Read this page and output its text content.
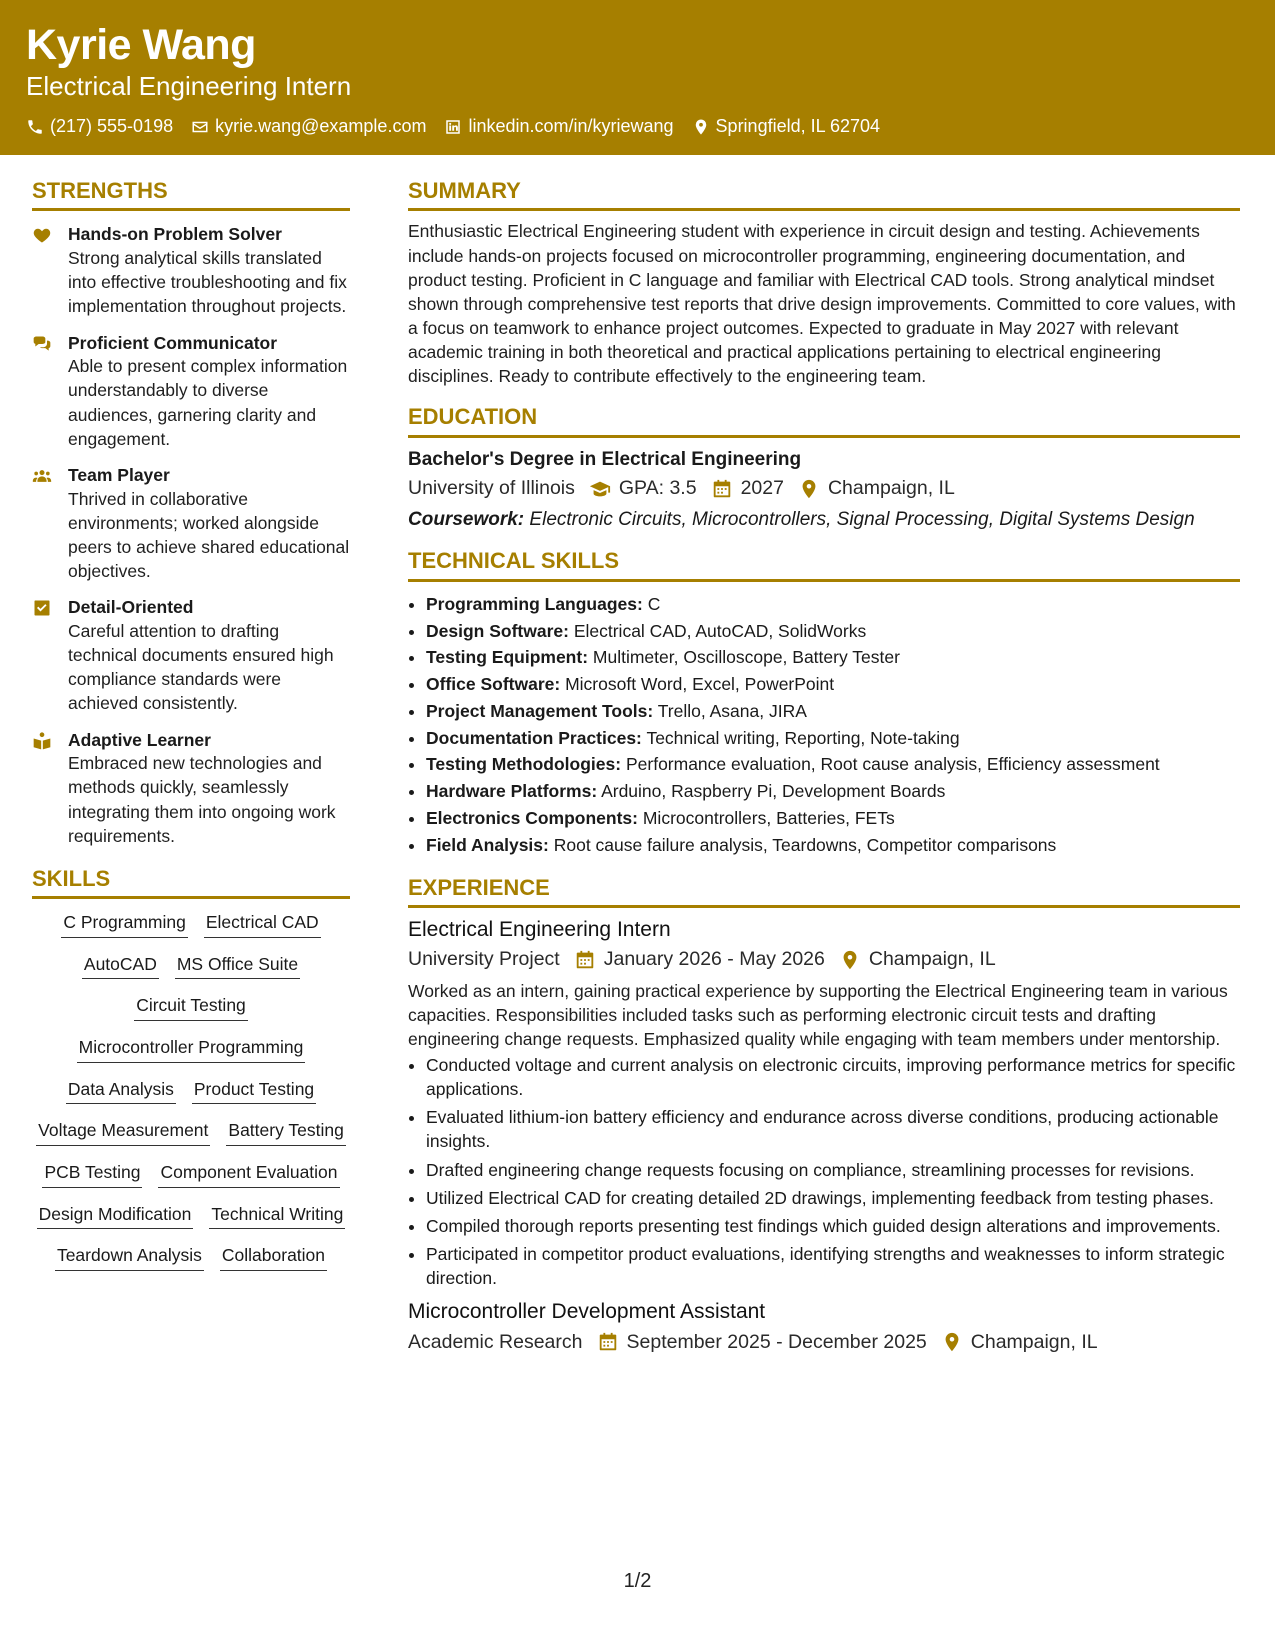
Kyrie Wang
Electrical Engineering Intern
(217) 555-0198 kyrie.wang@example.com linkedin.com/in/kyriewang Springfield, IL 62704
STRENGTHS
Hands-on Problem Solver
Strong analytical skills translated into effective troubleshooting and fix implementation throughout projects.
Proficient Communicator
Able to present complex information understandably to diverse audiences, garnering clarity and engagement.
Team Player
Thrived in collaborative environments; worked alongside peers to achieve shared educational objectives.
Detail-Oriented
Careful attention to drafting technical documents ensured high compliance standards were achieved consistently.
Adaptive Learner
Embraced new technologies and methods quickly, seamlessly integrating them into ongoing work requirements.
SKILLS
C Programming Electrical CAD
AutoCAD MS Office Suite
Circuit Testing
Microcontroller Programming
Data Analysis Product Testing
Voltage Measurement Battery Testing
PCB Testing Component Evaluation
Design Modification Technical Writing
Teardown Analysis Collaboration
SUMMARY
Enthusiastic Electrical Engineering student with experience in circuit design and testing. Achievements include hands-on projects focused on microcontroller programming, engineering documentation, and product testing. Proficient in C language and familiar with Electrical CAD tools. Strong analytical mindset shown through comprehensive test reports that drive design improvements. Committed to core values, with a focus on teamwork to enhance project outcomes. Expected to graduate in May 2027 with relevant academic training in both theoretical and practical applications pertaining to electrical engineering disciplines. Ready to contribute effectively to the engineering team.
EDUCATION
Bachelor's Degree in Electrical Engineering
University of Illinois GPA: 3.5 2027 Champaign, IL
Coursework: Electronic Circuits, Microcontrollers, Signal Processing, Digital Systems Design
TECHNICAL SKILLS
• Programming Languages: C
• Design Software: Electrical CAD, AutoCAD, SolidWorks
• Testing Equipment: Multimeter, Oscilloscope, Battery Tester
• Office Software: Microsoft Word, Excel, PowerPoint
• Project Management Tools: Trello, Asana, JIRA
• Documentation Practices: Technical writing, Reporting, Note-taking
• Testing Methodologies: Performance evaluation, Root cause analysis, Efficiency assessment
• Hardware Platforms: Arduino, Raspberry Pi, Development Boards
• Electronics Components: Microcontrollers, Batteries, FETs
• Field Analysis: Root cause failure analysis, Teardowns, Competitor comparisons
EXPERIENCE
Electrical Engineering Intern
University Project January 2026 - May 2026 Champaign, IL
Worked as an intern, gaining practical experience by supporting the Electrical Engineering team in various capacities. Responsibilities included tasks such as performing electronic circuit tests and drafting engineering change requests. Emphasized quality while engaging with team members under mentorship.
• Conducted voltage and current analysis on electronic circuits, improving performance metrics for specific applications.
• Evaluated lithium-ion battery efficiency and endurance across diverse conditions, producing actionable insights.
• Drafted engineering change requests focusing on compliance, streamlining processes for revisions.
• Utilized Electrical CAD for creating detailed 2D drawings, implementing feedback from testing phases.
• Compiled thorough reports presenting test findings which guided design alterations and improvements.
• Participated in competitor product evaluations, identifying strengths and weaknesses to inform strategic direction.
Microcontroller Development Assistant
Academic Research September 2025 - December 2025 Champaign, IL
1/2
